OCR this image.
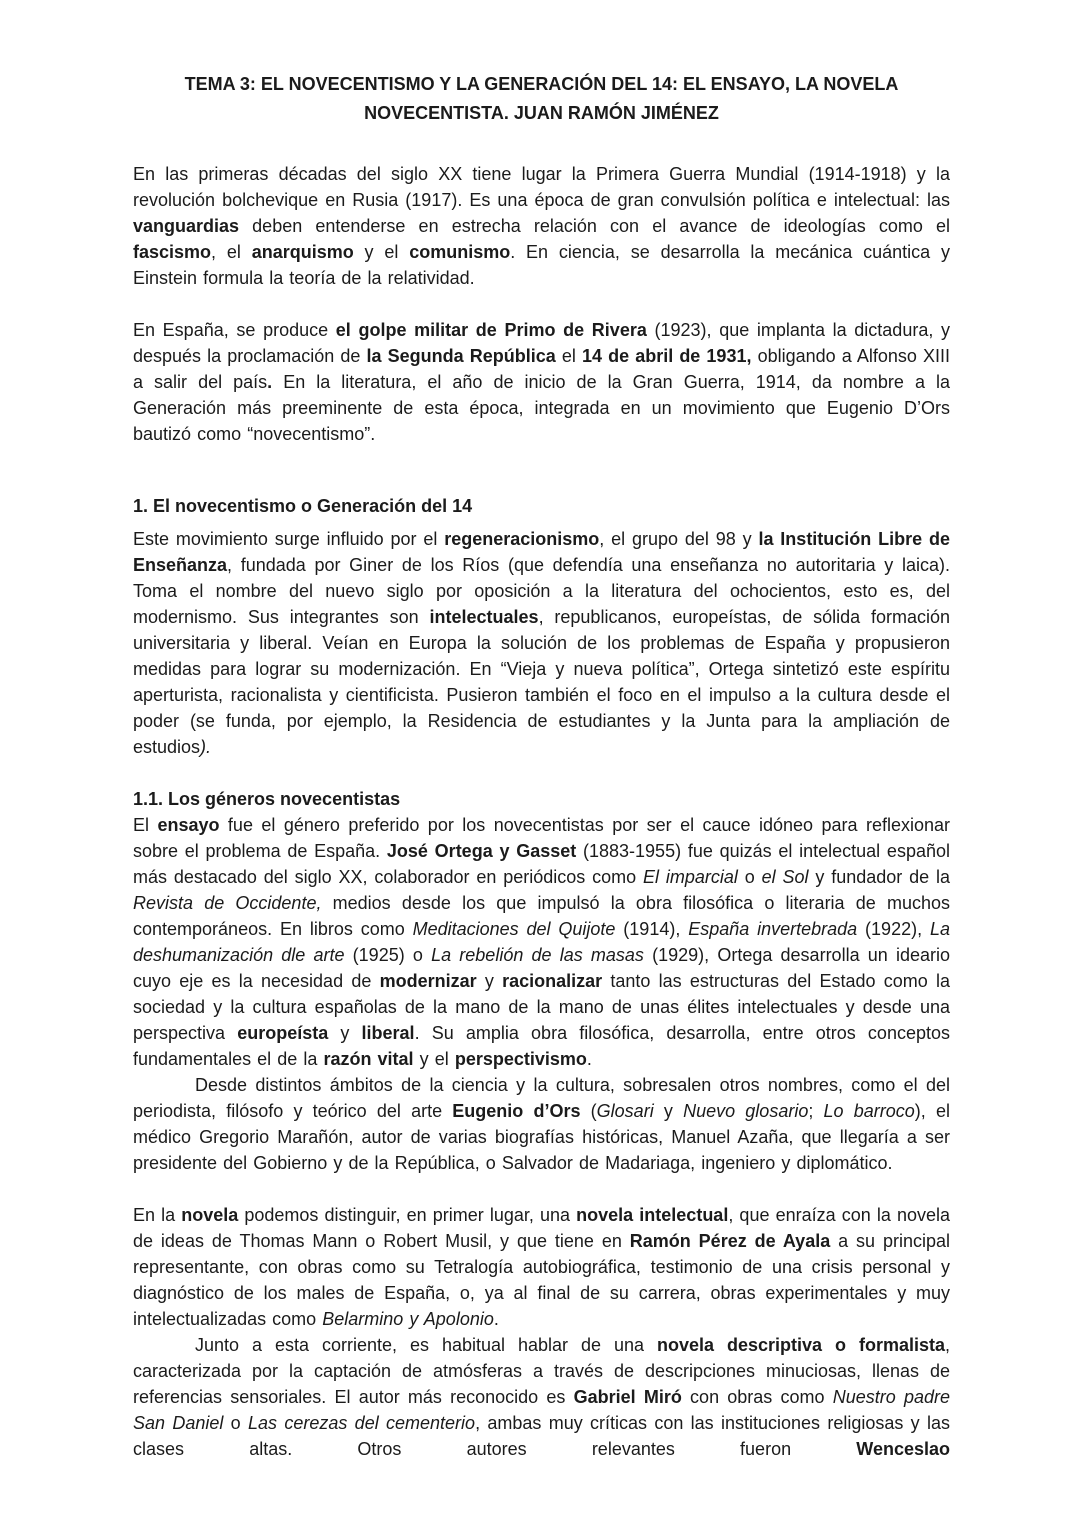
TEMA 3: EL NOVECENTISMO Y LA GENERACIÓN DEL 14: EL ENSAYO, LA NOVELA
NOVECENTISTA. JUAN RAMÓN JIMÉNEZ

En las primeras décadas del siglo XX tiene lugar la Primera Guerra Mundial (1914-1918) y la revolución bolchevique en Rusia (1917). Es una época de gran convulsión política e intelectual: las vanguardias deben entenderse en estrecha relación con el avance de ideologías como el fascismo, el anarquismo y el comunismo. En ciencia, se desarrolla la mecánica cuántica y Einstein formula la teoría de la relatividad.

En España, se produce el golpe militar de Primo de Rivera (1923), que implanta la dictadura, y después la proclamación de la Segunda República el 14 de abril de 1931, obligando a Alfonso XIII a salir del país. En la literatura, el año de inicio de la Gran Guerra, 1914, da nombre a la Generación más preeminente de esta época, integrada en un movimiento que Eugenio D’Ors bautizó como “novecentismo”.

1. El novecentismo o Generación del 14

Este movimiento surge influido por el regeneracionismo, el grupo del 98 y la Institución Libre de Enseñanza, fundada por Giner de los Ríos (que defendía una enseñanza no autoritaria y laica). Toma el nombre del nuevo siglo por oposición a la literatura del ochocientos, esto es, del modernismo. Sus integrantes son intelectuales, republicanos, europeístas, de sólida formación universitaria y liberal. Veían en Europa la solución de los problemas de España y propusieron medidas para lograr su modernización. En “Vieja y nueva política”, Ortega sintetizó este espíritu aperturista, racionalista y cientificista. Pusieron también el foco en el impulso a la cultura desde el poder (se funda, por ejemplo, la Residencia de estudiantes y la Junta para la ampliación de estudios).

1.1. Los géneros novecentistas

El ensayo fue el género preferido por los novecentistas por ser el cauce idóneo para reflexionar sobre el problema de España. José Ortega y Gasset (1883-1955) fue quizás el intelectual español más destacado del siglo XX, colaborador en periódicos como El imparcial o el Sol y fundador de la Revista de Occidente, medios desde los que impulsó la obra filosófica o literaria de muchos contemporáneos. En libros como Meditaciones del Quijote (1914), España invertebrada (1922), La deshumanización dle arte (1925) o La rebelión de las masas (1929), Ortega desarrolla un ideario cuyo eje es la necesidad de modernizar y racionalizar tanto las estructuras del Estado como la sociedad y la cultura españolas de la mano de la mano de unas élites intelectuales y desde una perspectiva europeísta y liberal. Su amplia obra filosófica, desarrolla, entre otros conceptos fundamentales el de la razón vital y el perspectivismo.

Desde distintos ámbitos de la ciencia y la cultura, sobresalen otros nombres, como el del periodista, filósofo y teórico del arte Eugenio d’Ors (Glosari y Nuevo glosario; Lo barroco), el médico Gregorio Marañón, autor de varias biografías históricas, Manuel Azaña, que llegaría a ser presidente del Gobierno y de la República, o Salvador de Madariaga, ingeniero y diplomático.

En la novela podemos distinguir, en primer lugar, una novela intelectual, que enraíza con la novela de ideas de Thomas Mann o Robert Musil, y que tiene en Ramón Pérez de Ayala a su principal representante, con obras como su Tetralogía autobiográfica, testimonio de una crisis personal y diagnóstico de los males de España, o, ya al final de su carrera, obras experimentales y muy intelectualizadas como Belarmino y Apolonio.

Junto a esta corriente, es habitual hablar de una novela descriptiva o formalista, caracterizada por la captación de atmósferas a través de descripciones minuciosas, llenas de referencias sensoriales. El autor más reconocido es Gabriel Miró con obras como Nuestro padre San Daniel o Las cerezas del cementerio, ambas muy críticas con las instituciones religiosas y las clases altas. Otros autores relevantes fueron Wenceslao
